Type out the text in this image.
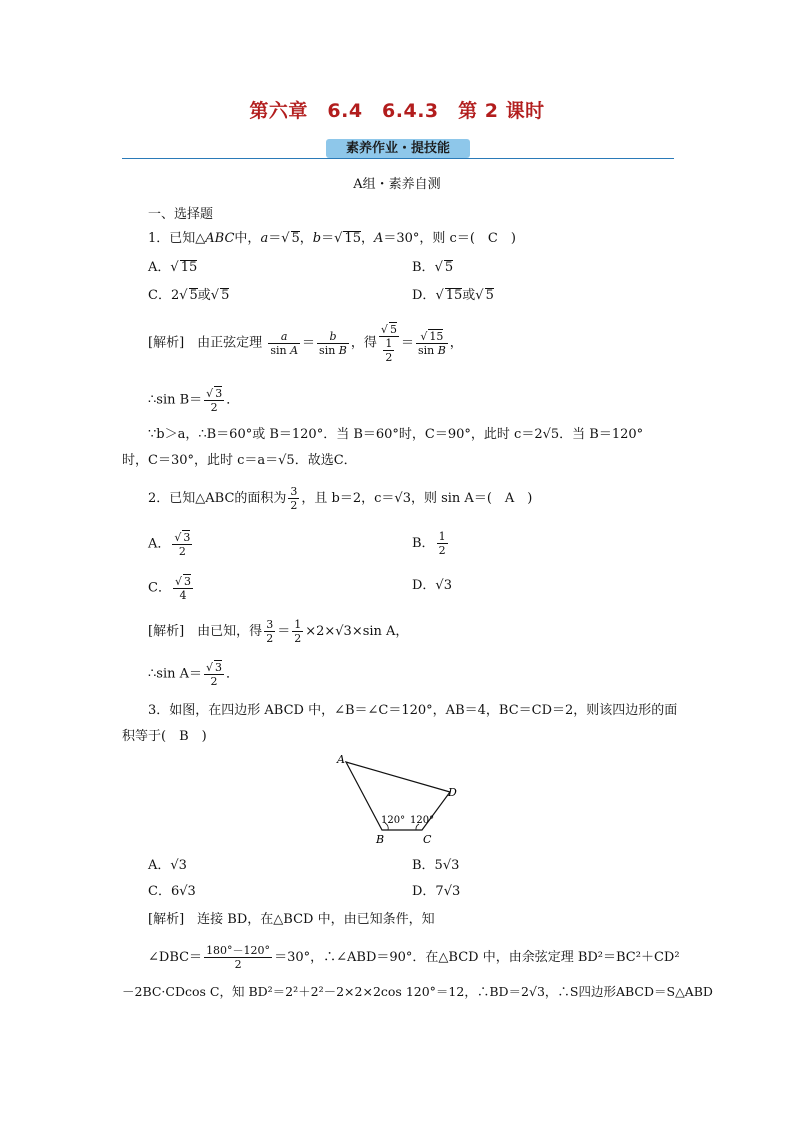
第六章　6.4　6.4.3　第 2 课时
素养作业・提技能
A组・素养自测
一、选择题
1．已知△ABC中，a＝√ 5，b＝√ 15，A＝30°，则 c＝(　C　)
A．√ 15	B．√ 5
C．2√ 5或√ 5	D．√ 15或√ 5
[解析]　 由正弦定理 $\frac{a}{\text{sin A}} = \frac{b}{\text{sin B}}$ ，得 $\frac{√ 5}{\frac{1}{2}} = \frac{√ 15}{\text{sin B}}$ ，
∴sin $B= \frac{√ 3}{2}$ ．
∵b＞a，∴B＝60°或 B＝120°．当 B＝60°时，C＝90°，此时 c＝2√5．当 B＝120°
时，C＝30°，此时 c＝a＝√5．故选C．
2．已知△ABC的面积为 $\frac{3}{2}$ ，且 b＝2，c＝√3，则 sin A＝(　A　)
A． $\frac{√ 3}{2}$	B． $\frac{1}{2}$
C． $\frac{√ 3}{4}$	D．√3
[解析]　 由已知，得 $\frac{3}{2} = \frac{1}{2} \times 2\times√3\times\sin$ A，
∴sin $A= \frac{√ 3}{2}$ ．
3．如图，在四边形 ABCD 中，∠B＝∠C＝120°，AB＝4，BC＝CD＝2，则该四边形的面
积等于(　B　)
A
B	C
D
120° 120°
A．√3	B．5√3
C．6√3	D．7√3
[解析]　 连接 BD，在△BCD 中，由已知条件，知
∠DBC＝ $\frac{180^\circ-120^\circ}{2} =30^\circ$，∴∠ABD＝90°．在△BCD 中，由余弦定理 BD²＝BC²＋CD²
－2BC·CDcos C，知 BD²＝2²＋2²－2×2×2cos 120°＝12，∴BD＝2√3，∴S四边形ABCD＝S△ABD
